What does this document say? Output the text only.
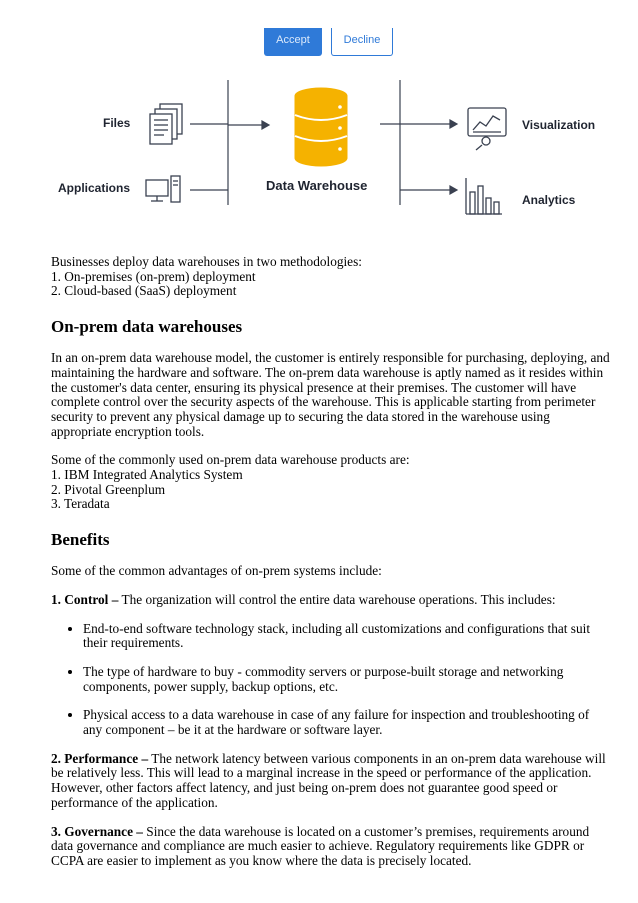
Accept	Decline
Files
Applications	Data Warehouse
Visualization
Analytics

Businesses deploy data warehouses in two methodologies:
1. On-premises (on-prem) deployment
2. Cloud-based (SaaS) deployment

On-prem data warehouses

In an on-prem data warehouse model, the customer is entirely responsible for purchasing, deploying, and maintaining the hardware and software. The on-prem data warehouse is aptly named as it resides within the customer's data center, ensuring its physical presence at their premises. The customer will have complete control over the security aspects of the warehouse. This is applicable starting from perimeter security to prevent any physical damage up to securing the data stored in the warehouse using appropriate encryption tools.

Some of the commonly used on-prem data warehouse products are:
1. IBM Integrated Analytics System
2. Pivotal Greenplum
3. Teradata

Benefits

Some of the common advantages of on-prem systems include:

1. Control – The organization will control the entire data warehouse operations. This includes:

• End-to-end software technology stack, including all customizations and configurations that suit their requirements.
• The type of hardware to buy - commodity servers or purpose-built storage and networking components, power supply, backup options, etc.
• Physical access to a data warehouse in case of any failure for inspection and troubleshooting of any component – be it at the hardware or software layer.

2. Performance – The network latency between various components in an on-prem data warehouse will be relatively less. This will lead to a marginal increase in the speed or performance of the application. However, other factors affect latency, and just being on-prem does not guarantee good speed or performance of the application.

3. Governance – Since the data warehouse is located on a customer’s premises, requirements around data governance and compliance are much easier to achieve. Regulatory requirements like GDPR or CCPA are easier to implement as you know where the data is precisely located.
